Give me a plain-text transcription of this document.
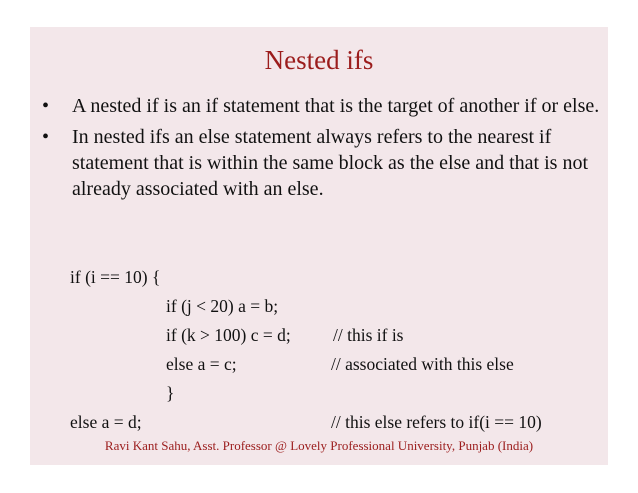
Nested ifs
• A nested if is an if statement that is the target of another if or else.
• In nested ifs an else statement always refers to the nearest if statement that is within the same block as the else and that is not already associated with an else.
if (i == 10) {
if (j < 20) a = b;
if (k > 100) c = d; // this if is
else a = c;	// associated with this else
}
else a = d;	// this else refers to if(i == 10)
Ravi Kant Sahu, Asst. Professor @ Lovely Professional University, Punjab (India)
